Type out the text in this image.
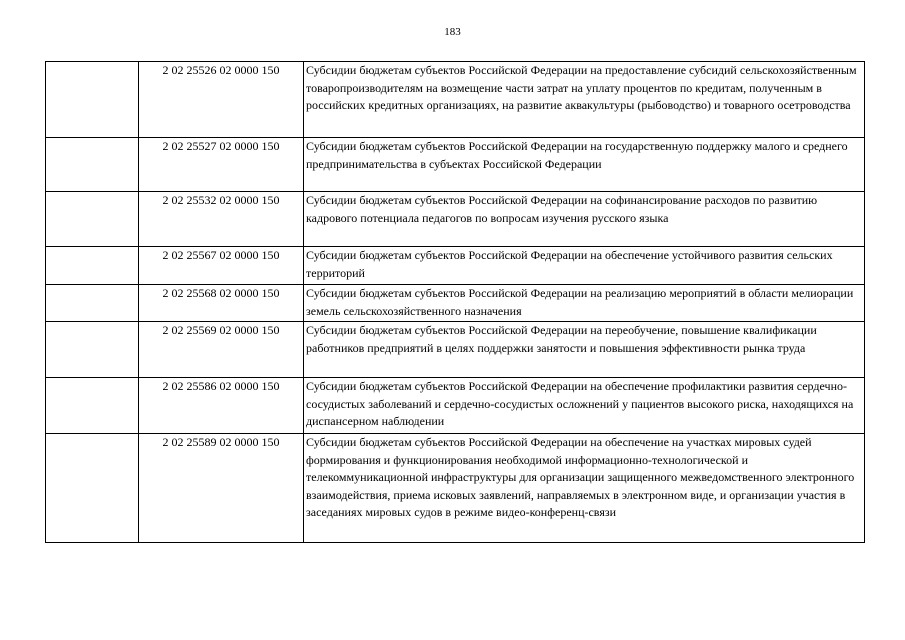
183
	2 02 25526 02 0000 150	Субсидии бюджетам субъектов Российской Федерации на предоставление субсидий сельскохозяйственным товаропроизводителям на возмещение части затрат на уплату процентов по кредитам, полученным в российских кредитных организациях, на развитие аквакультуры (рыбоводство) и товарного осетроводства
	2 02 25527 02 0000 150	Субсидии бюджетам субъектов Российской Федерации на государственную поддержку малого и среднего предпринимательства в субъектах Российской Федерации
	2 02 25532 02 0000 150	Субсидии бюджетам субъектов Российской Федерации на софинансирование расходов по развитию кадрового потенциала педагогов по вопросам изучения русского языка
	2 02 25567 02 0000 150	Субсидии бюджетам субъектов Российской Федерации на обеспечение устойчивого развития сельских территорий
	2 02 25568 02 0000 150	Субсидии бюджетам субъектов Российской Федерации на реализацию мероприятий в области мелиорации земель сельскохозяйственного назначения
	2 02 25569 02 0000 150	Субсидии бюджетам субъектов Российской Федерации на переобучение, повышение квалификации работников предприятий в целях поддержки занятости и повышения эффективности рынка труда
	2 02 25586 02 0000 150	Субсидии бюджетам субъектов Российской Федерации на обеспечение профилактики развития сердечно-сосудистых заболеваний и сердечно-сосудистых осложнений у пациентов высокого риска, находящихся на диспансерном наблюдении
	2 02 25589 02 0000 150	Субсидии бюджетам субъектов Российской Федерации на обеспечение на участках мировых судей формирования и функционирования необходимой информационно-технологической и телекоммуникационной инфраструктуры для организации защищенного межведомственного электронного взаимодействия, приема исковых заявлений, направляемых в электронном виде, и организации участия в заседаниях мировых судов в режиме видео-конференц-связи
